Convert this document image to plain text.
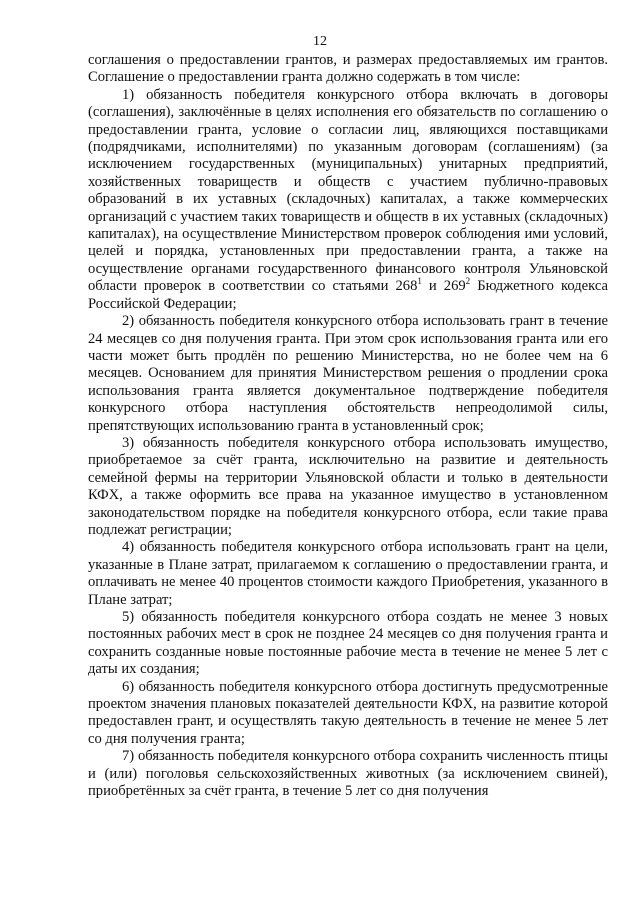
12

соглашения о предоставлении грантов, и размерах предоставляемых им грантов. Соглашение о предоставлении гранта должно содержать в том числе:

1) обязанность победителя конкурсного отбора включать в договоры (соглашения), заключённые в целях исполнения его обязательств по соглашению о предоставлении гранта, условие о согласии лиц, являющихся поставщиками (подрядчиками, исполнителями) по указанным договорам (соглашениям) (за исключением государственных (муниципальных) унитарных предприятий, хозяйственных товариществ и обществ с участием публично-правовых образований в их уставных (складочных) капиталах, а также коммерческих организаций с участием таких товариществ и обществ в их уставных (складочных) капиталах), на осуществление Министерством проверок соблюдения ими условий, целей и порядка, установленных при предоставлении гранта, а также на осуществление органами государственного финансового контроля Ульяновской области проверок в соответствии со статьями $268^1$ и $269^2$ Бюджетного кодекса Российской Федерации;

2) обязанность победителя конкурсного отбора использовать грант в течение 24 месяцев со дня получения гранта. При этом срок использования гранта или его части может быть продлён по решению Министерства, но не более чем на 6 месяцев. Основанием для принятия Министерством решения о продлении срока использования гранта является документальное подтверждение победителя конкурсного отбора наступления обстоятельств непреодолимой силы, препятствующих использованию гранта в установленный срок;

3) обязанность победителя конкурсного отбора использовать имущество, приобретаемое за счёт гранта, исключительно на развитие и деятельность семейной фермы на территории Ульяновской области и только в деятельности КФХ, а также оформить все права на указанное имущество в установленном законодательством порядке на победителя конкурсного отбора, если такие права подлежат регистрации;

4) обязанность победителя конкурсного отбора использовать грант на цели, указанные в Плане затрат, прилагаемом к соглашению о предоставлении гранта, и оплачивать не менее 40 процентов стоимости каждого Приобретения, указанного в Плане затрат;

5) обязанность победителя конкурсного отбора создать не менее 3 новых постоянных рабочих мест в срок не позднее 24 месяцев со дня получения гранта и сохранить созданные новые постоянные рабочие места в течение не менее 5 лет с даты их создания;

6) обязанность победителя конкурсного отбора достигнуть предусмотренные проектом значения плановых показателей деятельности КФХ, на развитие которой предоставлен грант, и осуществлять такую деятельность в течение не менее 5 лет со дня получения гранта;

7) обязанность победителя конкурсного отбора сохранить численность птицы и (или) поголовья сельскохозяйственных животных (за исключением свиней), приобретённых за счёт гранта, в течение 5 лет со дня получения
